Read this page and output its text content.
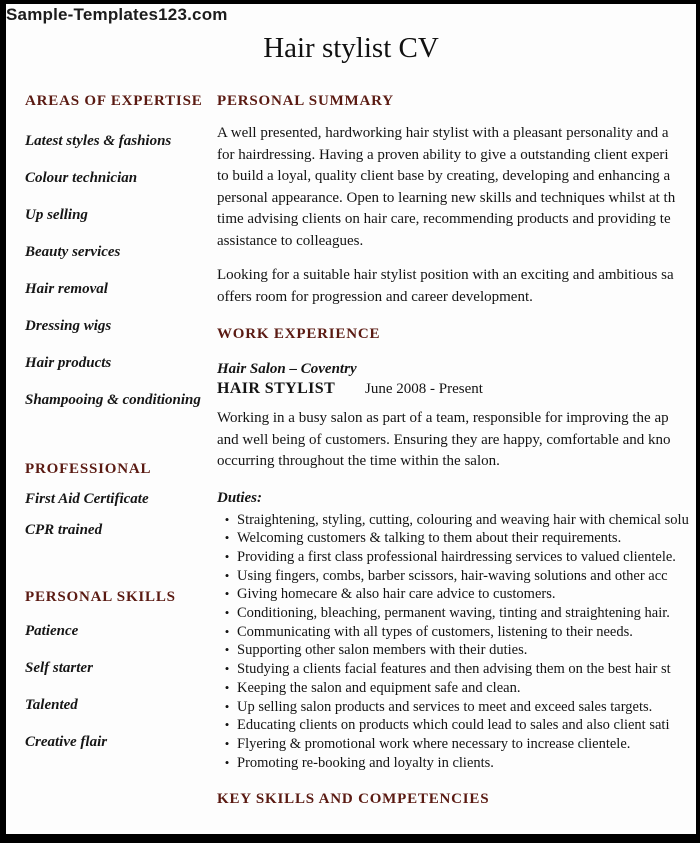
Sample-Templates123.com
Hair stylist CV
AREAS OF EXPERTISE
Latest styles & fashions
Colour technician
Up selling
Beauty services
Hair removal
Dressing wigs
Hair products
Shampooing & conditioning
PROFESSIONAL
First Aid Certificate
CPR trained
PERSONAL SKILLS
Patience
Self starter
Talented
Creative flair
PERSONAL SUMMARY
A well presented, hardworking hair stylist with a pleasant personality and a
for hairdressing. Having a proven ability to give a outstanding client experi
to build a loyal, quality client base by creating, developing and enhancing a
personal appearance. Open to learning new skills and techniques whilst at th
time advising clients on hair care, recommending products and providing te
assistance to colleagues.
Looking for a suitable hair stylist position with an exciting and ambitious sa
offers room for progression and career development.
WORK EXPERIENCE
Hair Salon – Coventry
HAIR STYLIST	June 2008 - Present
Working in a busy salon as part of a team, responsible for improving the ap
and well being of customers. Ensuring they are happy, comfortable and kno
occurring throughout the time within the salon.
Duties:
• Straightening, styling, cutting, colouring and weaving hair with chemical solu
• Welcoming customers & talking to them about their requirements.
• Providing a first class professional hairdressing services to valued clientele.
• Using fingers, combs, barber scissors, hair-waving solutions and other acc
• Giving homecare & also hair care advice to customers.
• Conditioning, bleaching, permanent waving, tinting and straightening hair.
• Communicating with all types of customers, listening to their needs.
• Supporting other salon members with their duties.
• Studying a clients facial features and then advising them on the best hair st
• Keeping the salon and equipment safe and clean.
• Up selling salon products and services to meet and exceed sales targets.
• Educating clients on products which could lead to sales and also client sati
• Flyering & promotional work where necessary to increase clientele.
• Promoting re-booking and loyalty in clients.
KEY SKILLS AND COMPETENCIES
